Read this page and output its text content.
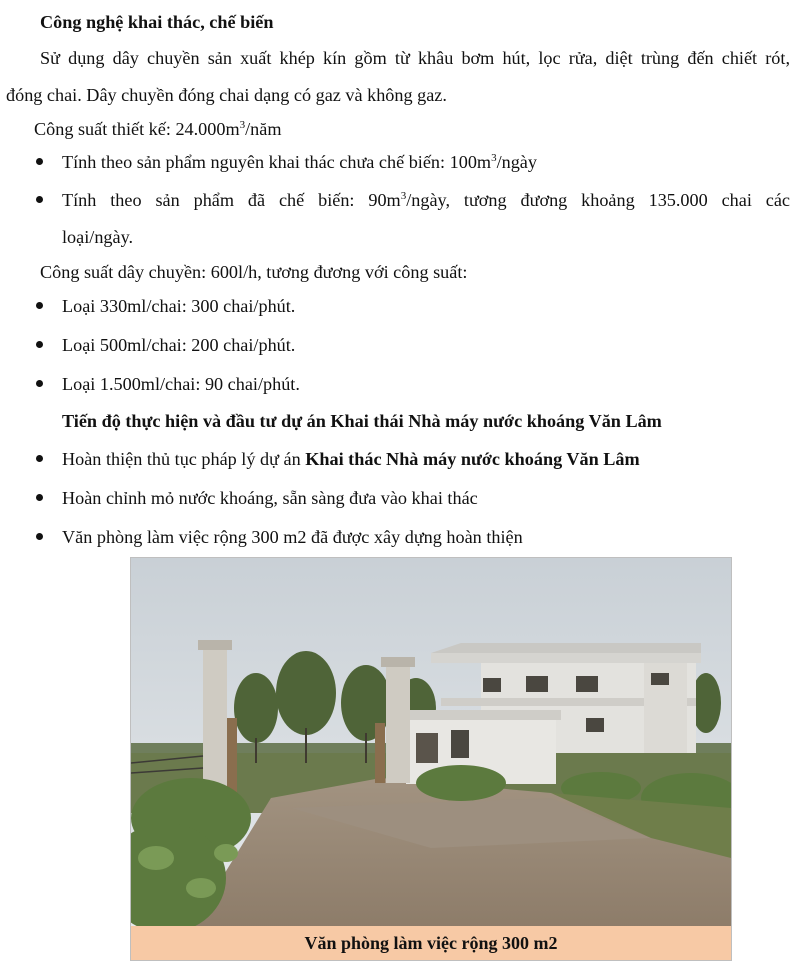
Công nghệ khai thác, chế biến
Sử dụng dây chuyền sản xuất khép kín gồm từ khâu bơm hút, lọc rửa, diệt trùng đến chiết rót,
đóng chai. Dây chuyền đóng chai dạng có gaz và không gaz.
Công suất thiết kế: $24.000m^3$/năm
Tính theo sản phẩm nguyên khai thác chưa chế biến: $100m^3$/ngày
Tính theo sản phẩm đã chế biến: $90m^3$/ngày, tương đương khoảng 135.000 chai các
loại/ngày.
Công suất dây chuyền: 600l/h, tương đương với công suất:
Loại 330ml/chai: 300 chai/phút.
Loại 500ml/chai: 200 chai/phút.
Loại 1.500ml/chai: 90 chai/phút.
Tiến độ thực hiện và đầu tư dự án Khai thái Nhà máy nước khoáng Văn Lâm
Hoàn thiện thủ tục pháp lý dự án Khai thác Nhà máy nước khoáng Văn Lâm
Hoàn chỉnh mỏ nước khoáng, sẵn sàng đưa vào khai thác
Văn phòng làm việc rộng 300 m2 đã được xây dựng hoàn thiện
Văn phòng làm việc rộng 300 m2
